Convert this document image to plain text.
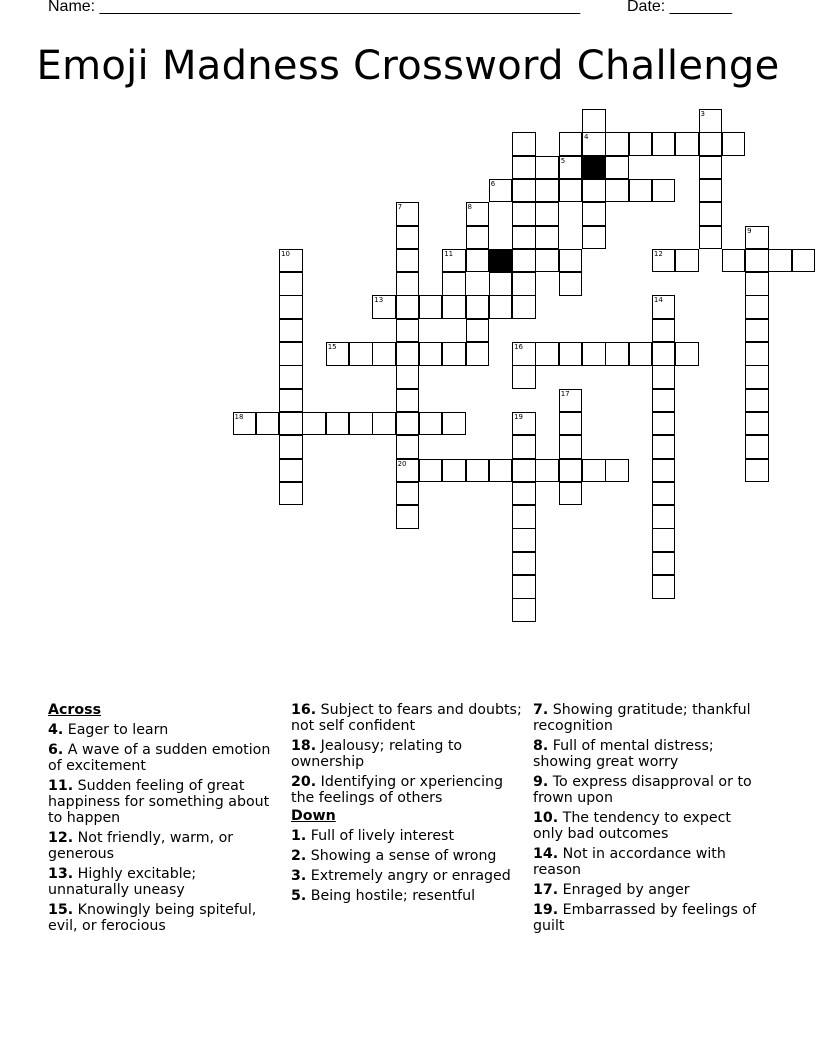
Name: ______________________________________________________	Date: _______
Emoji Madness Crossword Challenge
3
4
5
6
7	8
11	12
9
10
20
13
15	16
14
18
17
19
Across
4. Eager to learn
6. A wave of a sudden emotion of excitement
11. Sudden feeling of great happiness for something about to happen
12. Not friendly, warm, or generous
13. Highly excitable; unnaturally uneasy
15. Knowingly being spiteful, evil, or ferocious
16. Subject to fears and doubts; not self confident
18. Jealousy; relating to ownership
20. Identifying or xperiencing the feelings of others
Down
1. Full of lively interest
2. Showing a sense of wrong
3. Extremely angry or enraged
5. Being hostile; resentful
7. Showing gratitude; thankful recognition
8. Full of mental distress; showing great worry
9. To express disapproval or to frown upon
10. The tendency to expect only bad outcomes
14. Not in accordance with reason
17. Enraged by anger
19. Embarrassed by feelings of guilt
